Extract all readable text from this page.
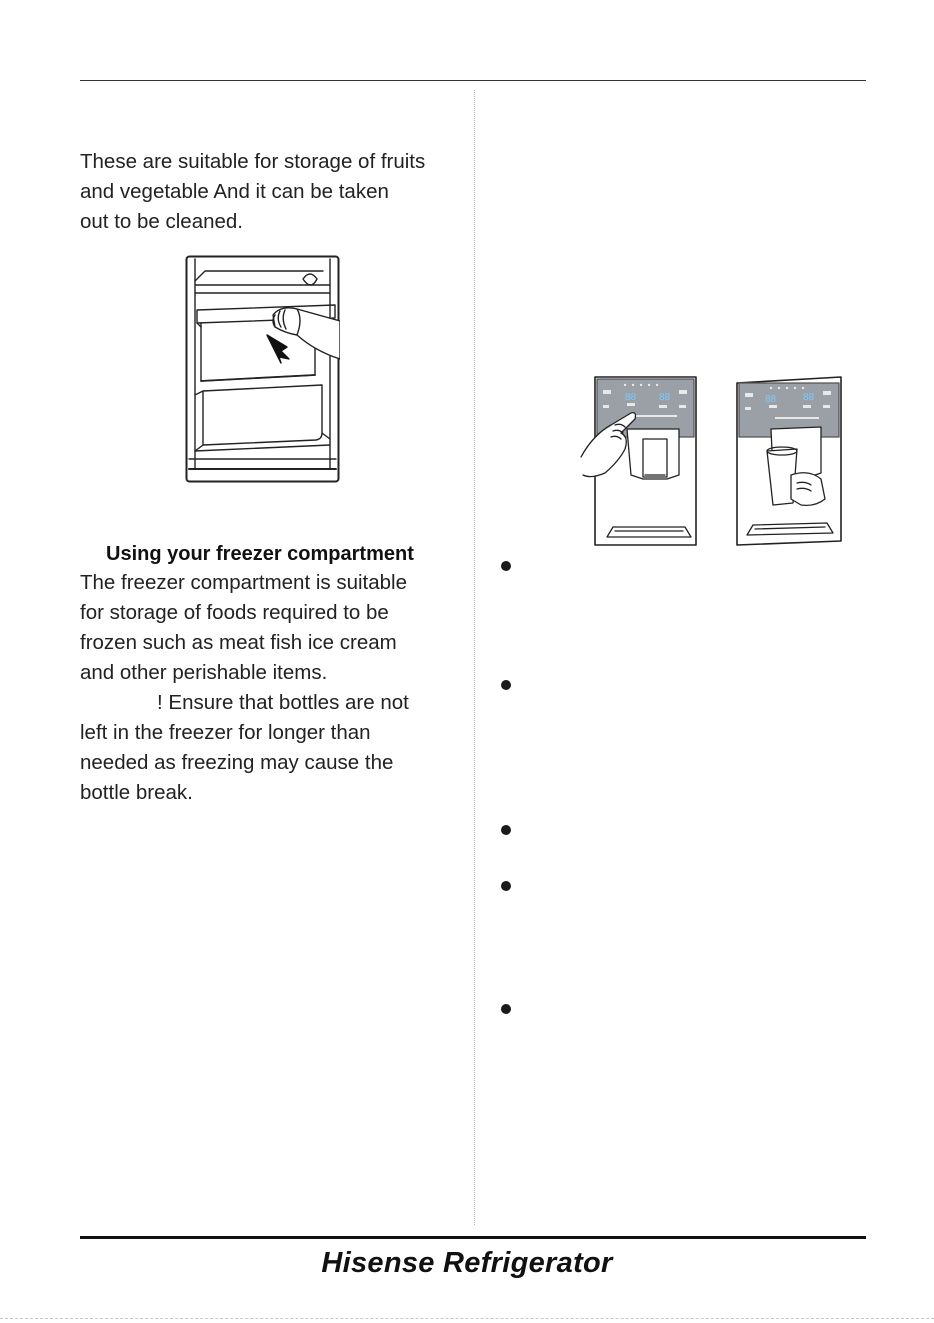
These are suitable for storage of fruits
and vegetable And it can be taken
out to be cleaned.
Using your freezer compartment
The freezer compartment is suitable
for storage of foods required to be
frozen such as meat fish ice cream
and other perishable items.
! Ensure that bottles are not
left in the freezer for longer than
needed as freezing may cause the
bottle break.
88 88	88	88
Hisense Refrigerator
